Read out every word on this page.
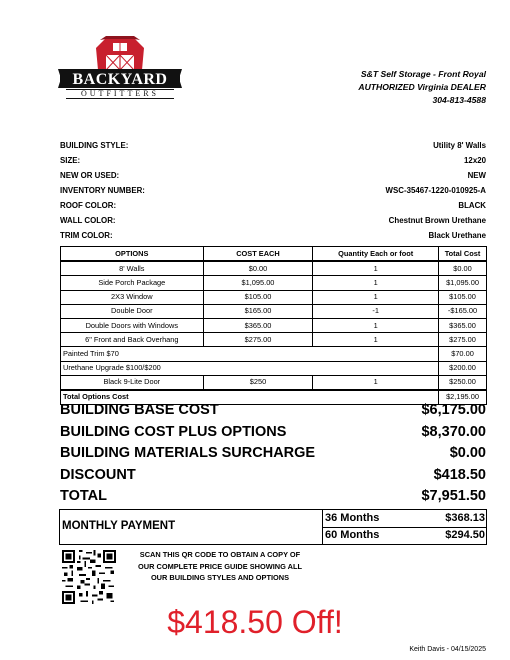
BACKYARD
OUTFITTERS
S&T Self Storage - Front Royal
AUTHORIZED Virginia DEALER
304-813-4588
BUILDING STYLE:	Utility 8' Walls
SIZE:	12x20
NEW OR USED:	NEW
INVENTORY NUMBER:	WSC-35467-1220-010925-A
ROOF COLOR:	BLACK
WALL COLOR:	Chestnut Brown Urethane
TRIM COLOR:	Black Urethane
OPTIONS	COST EACH	Quantity Each or foot	Total Cost
8' Walls	$0.00	1	$0.00
Side Porch Package	$1,095.00	1	$1,095.00
2X3 Window	$105.00	1	$105.00
Double Door	$165.00	-1	-$165.00
Double Doors with Windows	$365.00	1	$365.00
6" Front and Back Overhang	$275.00	1	$275.00
Painted Trim $70			$70.00
Urethane Upgrade $100/$200			$200.00
Black 9-Lite Door	$250	1	$250.00
Total Options Cost			$2,195.00
BUILDING BASE COST	$6,175.00
BUILDING COST PLUS OPTIONS	$8,370.00
BUILDING MATERIALS SURCHARGE	$0.00
DISCOUNT	$418.50
TOTAL	$7,951.50
MONTHLY PAYMENT
36 Months	$368.13
60 Months	$294.50
SCAN THIS QR CODE TO OBTAIN A COPY OF
OUR COMPLETE PRICE GUIDE SHOWING ALL
OUR BUILDING STYLES AND OPTIONS
$418.50 Off!
Keith Davis - 04/15/2025
